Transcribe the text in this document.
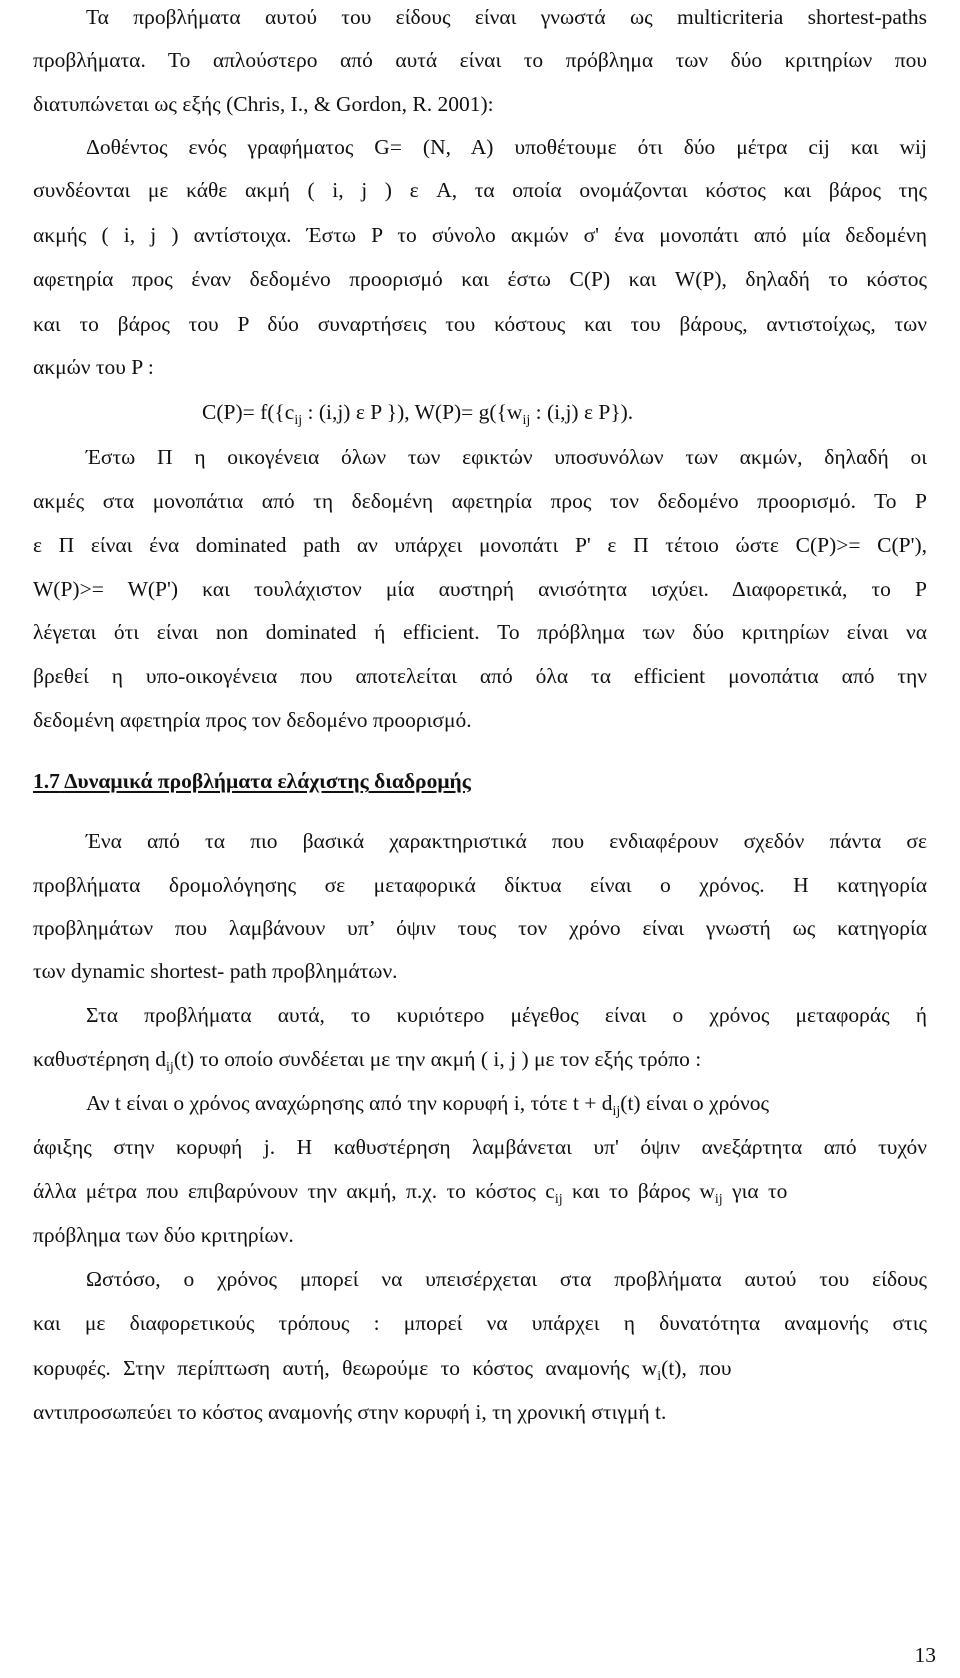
Τα προβλήματα αυτού του είδους είναι γνωστά ως multicriteria shortest-paths
προβλήματα. Το απλούστερο από αυτά είναι το πρόβλημα των δύο κριτηρίων που
διατυπώνεται ως εξής (Chris, I., & Gordon, R. 2001):
Δοθέντος ενός γραφήματος G= (N, A) υποθέτουμε ότι δύο μέτρα cij και wij
συνδέονται με κάθε ακμή ( i, j ) ε A, τα οποία ονομάζονται κόστος και βάρος της
ακμής ( i, j ) αντίστοιχα. Έστω P το σύνολο ακμών σ' ένα μονοπάτι από μία δεδομένη
αφετηρία προς έναν δεδομένο προορισμό και έστω C(P) και W(P), δηλαδή το κόστος
και το βάρος του P δύο συναρτήσεις του κόστους και του βάρους, αντιστοίχως, των
ακμών του P :
$C(P)= f(\{c_{ij}$ : (i,j) ε P }), $W(P)= g(\{w_{ij}$ : (i,j) ε P}).
Έστω Π η οικογένεια όλων των εφικτών υποσυνόλων των ακμών, δηλαδή οι
ακμές στα μονοπάτια από τη δεδομένη αφετηρία προς τον δεδομένο προορισμό. Το P
ε Π είναι ένα dominated path αν υπάρχει μονοπάτι P' ε Π τέτοιο ώστε C(P)>= C(P'),
W(P)>= W(P') και τουλάχιστον μία αυστηρή ανισότητα ισχύει. Διαφορετικά, το P
λέγεται ότι είναι non dominated ή efficient. Το πρόβλημα των δύο κριτηρίων είναι να
βρεθεί η υπο-οικογένεια που αποτελείται από όλα τα efficient μονοπάτια από την
δεδομένη αφετηρία προς τον δεδομένο προορισμό.
1.7 Δυναμικά προβλήματα ελάχιστης διαδρομής
Ένα από τα πιο βασικά χαρακτηριστικά που ενδιαφέρουν σχεδόν πάντα σε
προβλήματα δρομολόγησης σε μεταφορικά δίκτυα είναι ο χρόνος. Η κατηγορία
προβλημάτων που λαμβάνουν υπ’ όψιν τους τον χρόνο είναι γνωστή ως κατηγορία
των dynamic shortest- path προβλημάτων.
Στα προβλήματα αυτά, το κυριότερο μέγεθος είναι ο χρόνος μεταφοράς ή
καθυστέρηση $d_{ij}(t)$ το οποίο συνδέεται με την ακμή ( i, j ) με τον εξής τρόπο :
Αν t είναι ο χρόνος αναχώρησης από την κορυφή i, τότε $t + d_{ij}(t)$ είναι ο χρόνος
άφιξης στην κορυφή j. Η καθυστέρηση λαμβάνεται υπ' όψιν ανεξάρτητα από τυχόν
άλλα μέτρα που επιβαρύνουν την ακμή, π.χ. το κόστος $c_{ij}$ και το βάρος $w_{ij}$ για το
πρόβλημα των δύο κριτηρίων.
Ωστόσο, ο χρόνος μπορεί να υπεισέρχεται στα προβλήματα αυτού του είδους
και με διαφορετικούς τρόπους : μπορεί να υπάρχει η δυνατότητα αναμονής στις
κορυφές. Στην περίπτωση αυτή, θεωρούμε το κόστος αναμονής $w_i(t)$, που
αντιπροσωπεύει το κόστος αναμονής στην κορυφή i, τη χρονική στιγμή t.
13
